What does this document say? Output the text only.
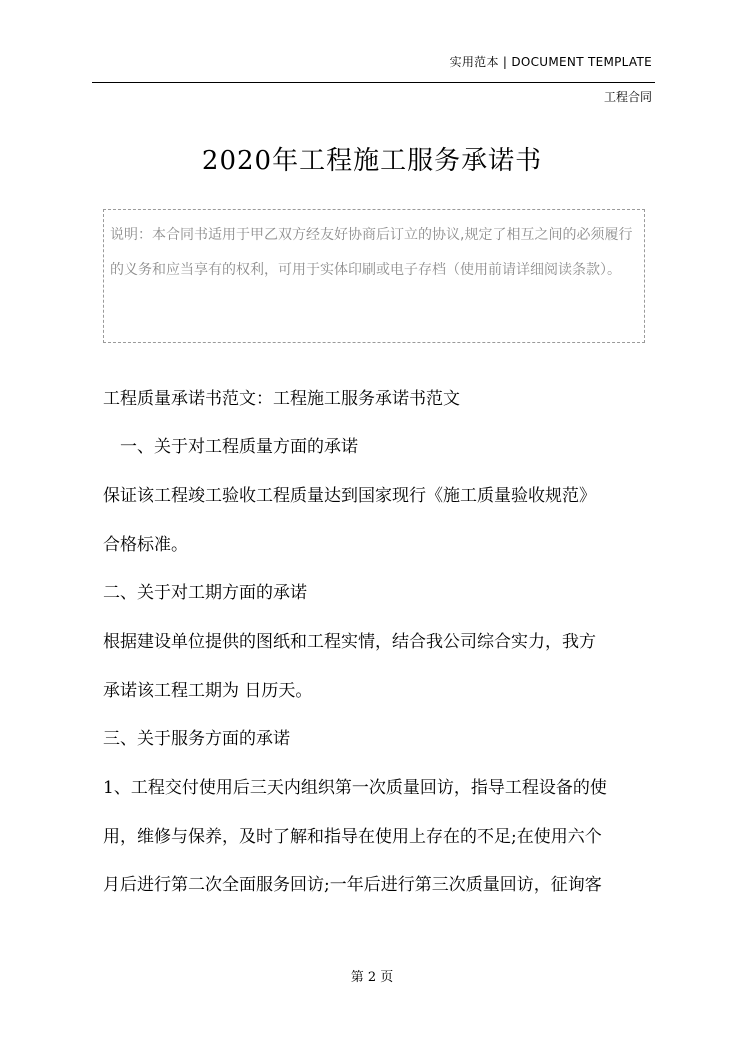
实用范本 | DOCUMENT TEMPLATE
工程合同
2020年工程施工服务承诺书
说明：本合同书适用于甲乙双方经友好协商后订立的协议,规定了相互之间的必须履行的义务和应当享有的权利，可用于实体印刷或电子存档（使用前请详细阅读条款）。
工程质量承诺书范文：工程施工服务承诺书范文
一、关于对工程质量方面的承诺
保证该工程竣工验收工程质量达到国家现行《施工质量验收规范》
合格标准。
二、关于对工期方面的承诺
根据建设单位提供的图纸和工程实情，结合我公司综合实力，我方
承诺该工程工期为 日历天。
三、关于服务方面的承诺
1、工程交付使用后三天内组织第一次质量回访，指导工程设备的使
用，维修与保养，及时了解和指导在使用上存在的不足;在使用六个
月后进行第二次全面服务回访;一年后进行第三次质量回访，征询客
第 2 页
